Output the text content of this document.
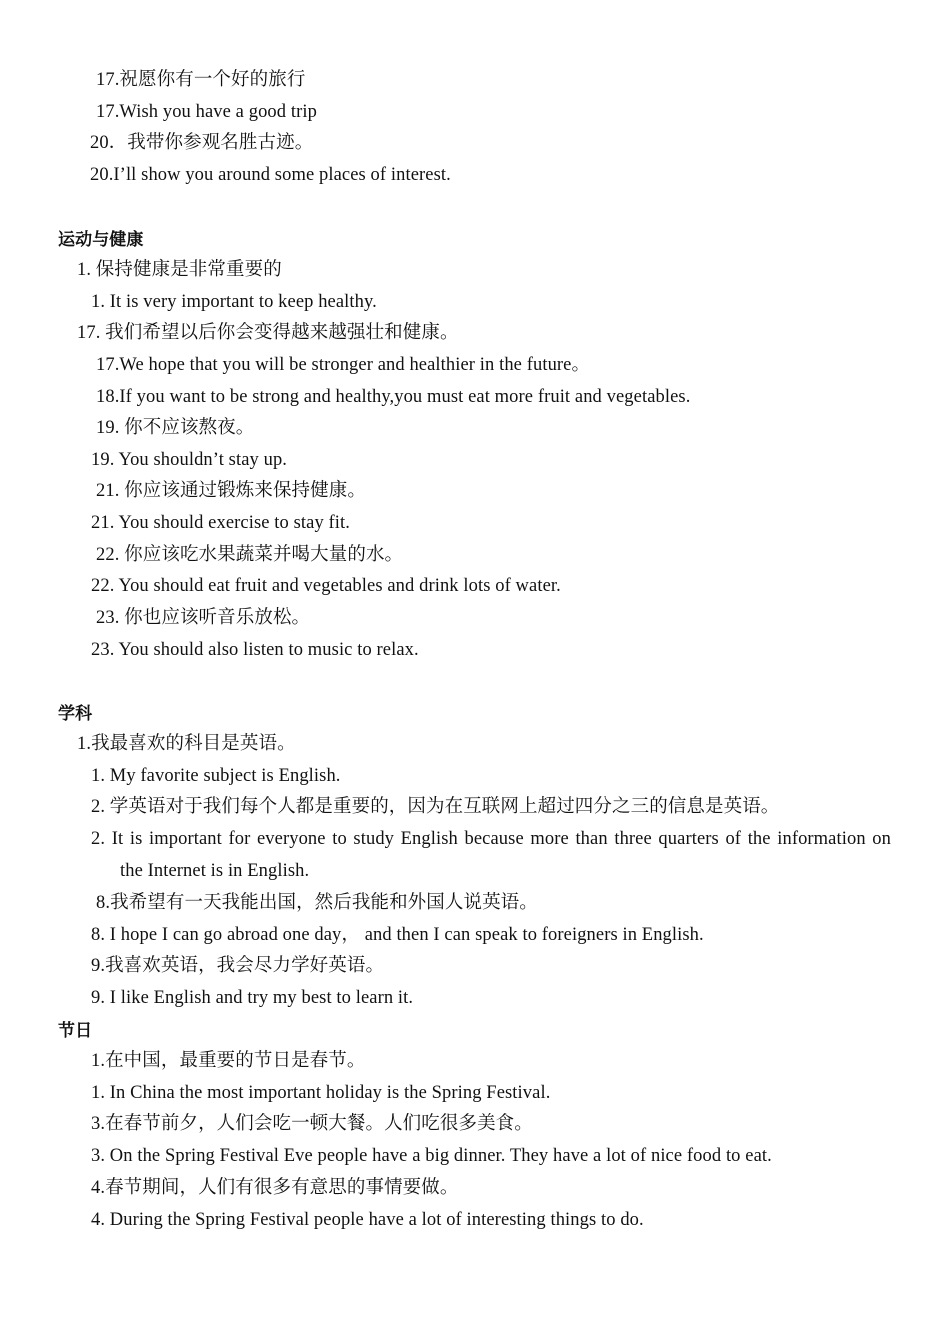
17.祝愿你有一个好的旅行
17.Wish you have a good trip
20．我带你参观名胜古迹。
20.I’ll show you around some places of interest.
运动与健康
1. 保持健康是非常重要的
1. It is very important to keep healthy.
17. 我们希望以后你会变得越来越强壮和健康。
17.We hope that you will be stronger and healthier in the future。
18.If you want to be strong and healthy,you must eat more fruit and vegetables.
19. 你不应该熬夜。
19. You shouldn’t stay up.
21. 你应该通过锻炼来保持健康。
21. You should exercise to stay fit.
22. 你应该吃水果蔬菜并喝大量的水。
22. You should eat fruit and vegetables and drink lots of water.
23. 你也应该听音乐放松。
23. You should also listen to music to relax.
学科
1.我最喜欢的科目是英语。
1. My favorite subject is English.
2. 学英语对于我们每个人都是重要的，因为在互联网上超过四分之三的信息是英语。
2. It is important for everyone to study English because more than three quarters of the information on
the Internet is in English.
8.我希望有一天我能出国，然后我能和外国人说英语。
8. I hope I can go abroad one day， and then I can speak to foreigners in English.
9.我喜欢英语，我会尽力学好英语。
9. I like English and try my best to learn it.
节日
1.在中国，最重要的节日是春节。
1. In China the most important holiday is the Spring Festival.
3.在春节前夕，人们会吃一顿大餐。人们吃很多美食。
3. On the Spring Festival Eve people have a big dinner. They have a lot of nice food to eat.
4.春节期间，人们有很多有意思的事情要做。
4. During the Spring Festival people have a lot of interesting things to do.
